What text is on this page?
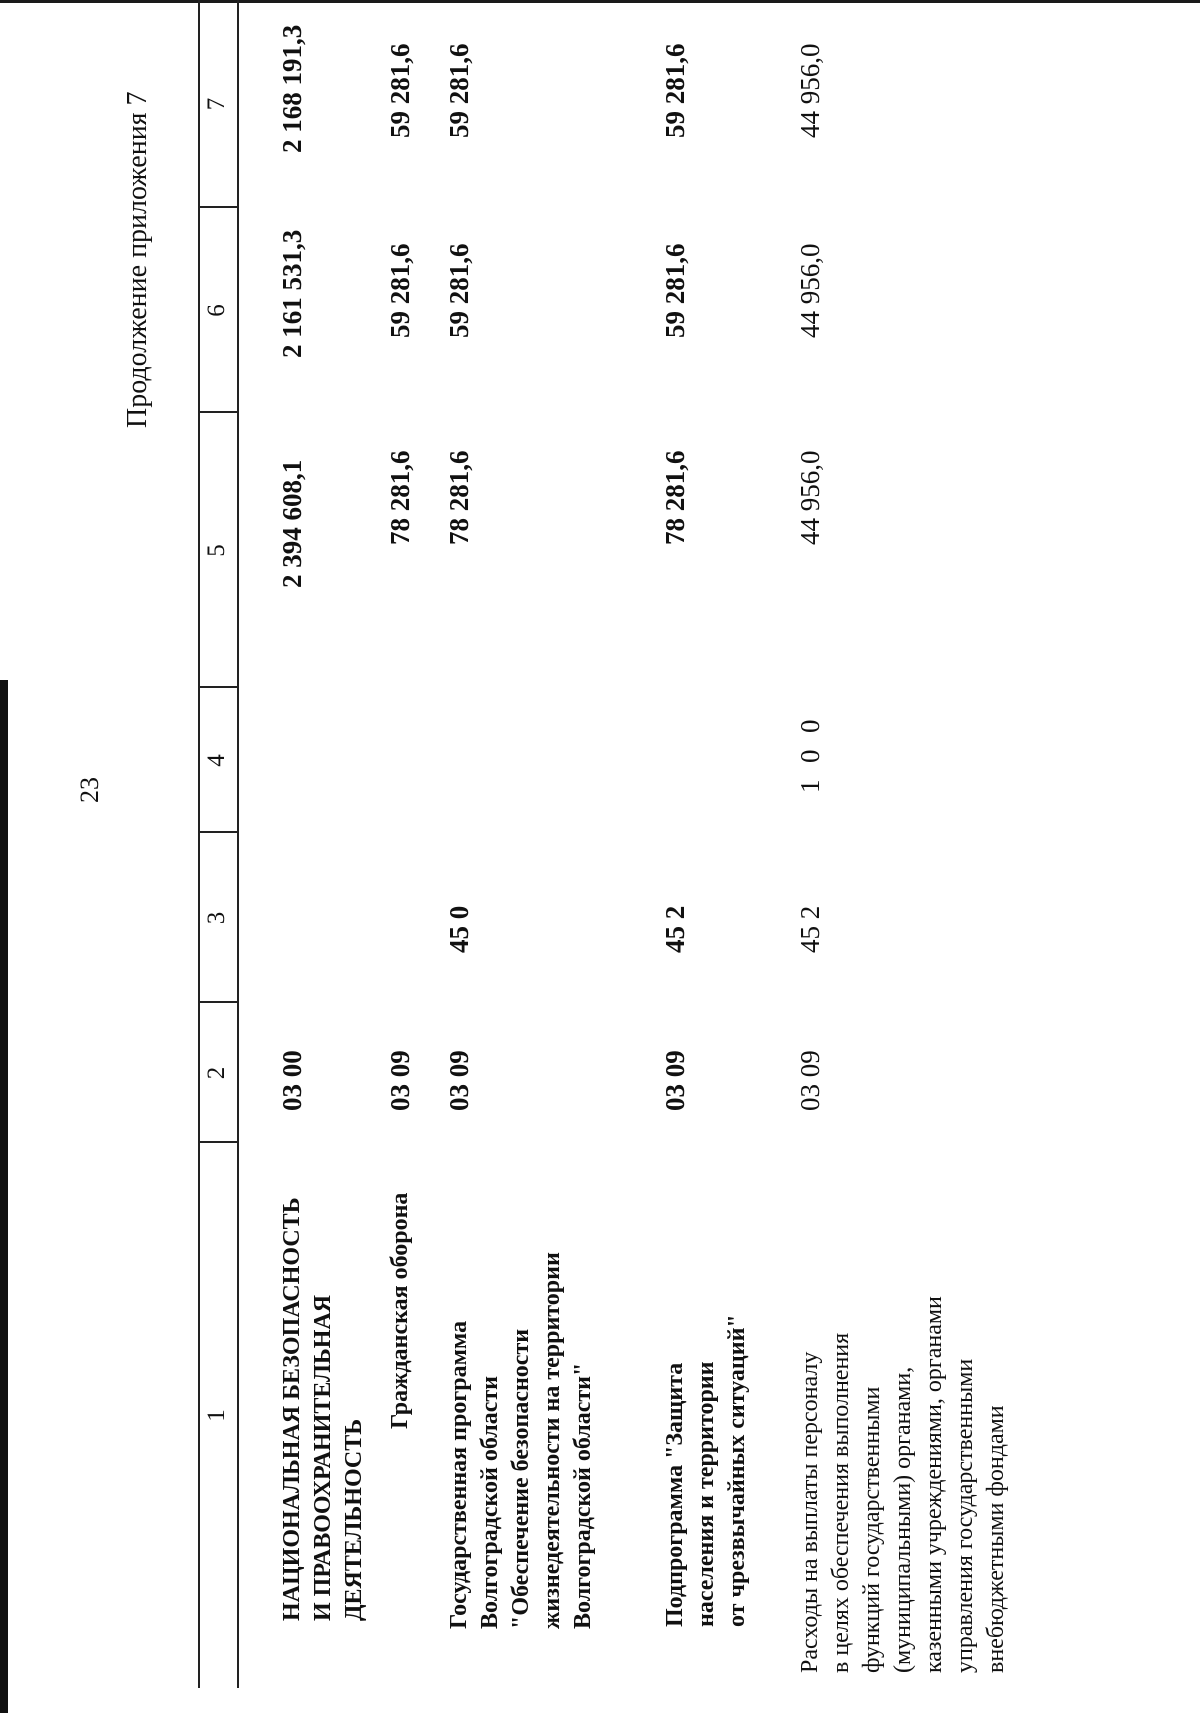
23
Продолжение приложения 7
1
2
3
4
5
6
7
НАЦИОНАЛЬНАЯ БЕЗОПАСНОСТЬ И ПРАВООХРАНИТЕЛЬНАЯ ДЕЯТЕЛЬНОСТЬ
03 00
2 394 608,1
2 161 531,3
2 168 191,3
Гражданская оборона
03 09
78 281,6
59 281,6
59 281,6
Государственная программа Волгоградской области "Обеспечение безопасности жизнедеятельности на территории Волгоградской области"
03 09
45 0
78 281,6
59 281,6
59 281,6
Подпрограмма "Защита населения и территории от чрезвычайных ситуаций"
03 09
45 2
78 281,6
59 281,6
59 281,6
Расходы на выплаты персоналу в целях обеспечения выполнения функций государственными (муниципальными) органами, казенными учреждениями, органами управления государственными внебюджетными фондами
03 09
45 2
1 0 0
44 956,0
44 956,0
44 956,0
